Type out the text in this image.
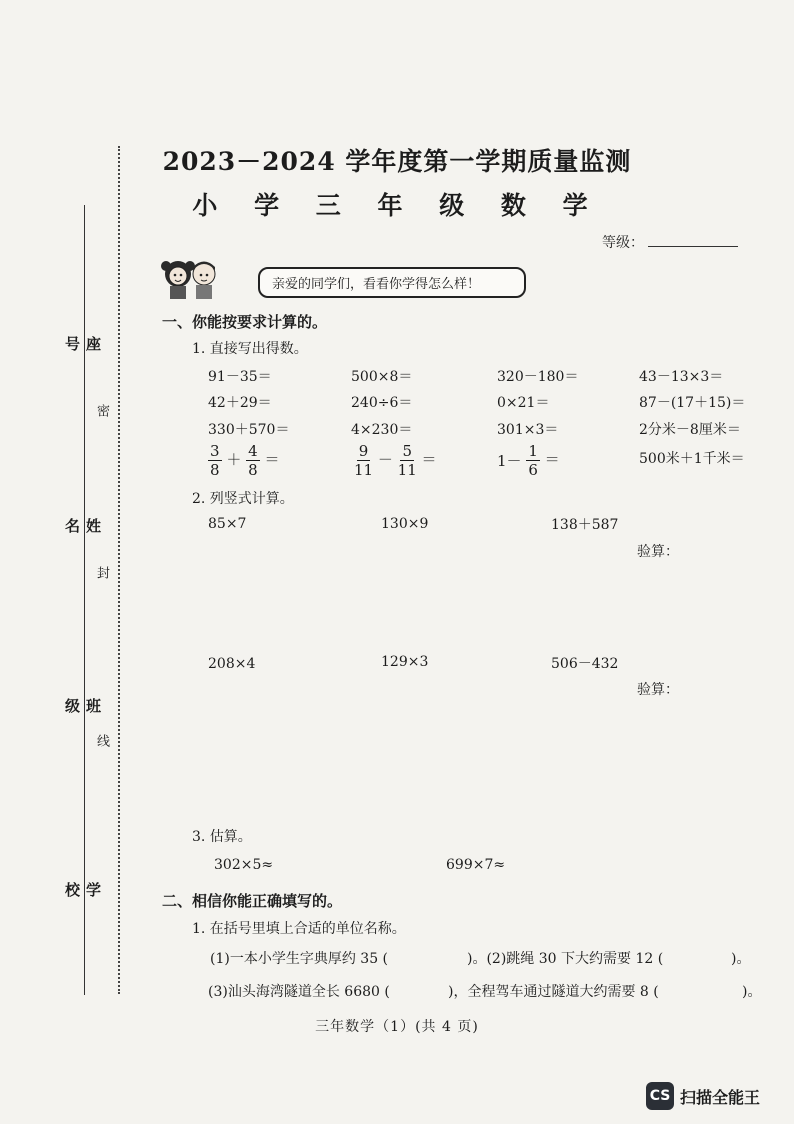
座号
姓名
班级
学校
密
封
线
2023－2024 学年度第一学期质量监测
小 学 三 年 级 数 学
等级：
亲爱的同学们，看看你学得怎么样！
一、你能按要求计算的。
1. 直接写出得数。
91－35＝	500×8＝	320－180＝	43－13×3＝
42＋29＝	240÷6＝	0×21＝	87－(17＋15)＝
330＋570＝	4×230＝	301×3＝	2分米－8厘米＝
$\frac{3}{8} + \frac{4}{8}$ ＝	$\frac{9}{11} - \frac{5}{11}$ ＝	$1- \frac{1}{6}$ ＝	500米＋1千米＝
2. 列竖式计算。
85×7	130×9	138＋587
验算：
208×4	129×3	506－432
验算：
3. 估算。
302×5≈	699×7≈
二、相信你能正确填写的。
1. 在括号里填上合适的单位名称。
(1)一本小学生字典厚约 35 (	)。(2)跳绳 30 下大约需要 12 (	)。
(3)汕头海湾隧道全长 6680 (	)，全程驾车通过隧道大约需要 8 (	)。
三年数学（1）(共 4 页)
CS 扫描全能王
